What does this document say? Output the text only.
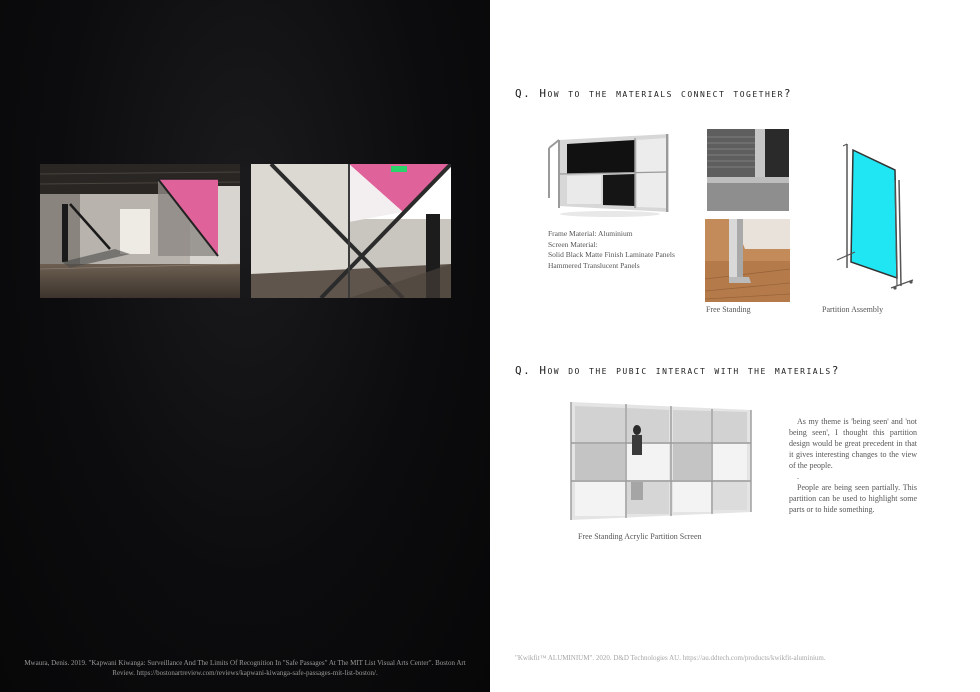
Mwaura, Denis. 2019. "Kapwani Kiwanga: Surveillance And The Limits Of Recognition In "Safe Passages" At The MIT List Visual Arts Center". Boston Art Review. https://bostonartreview.com/reviews/kapwani-kiwanga-safe-passages-mit-list-boston/.
Q. How to the materials connect together?
Frame Material: Aluminium
Screen Material:
Solid Black Matte Finish Laminate Panels
Hammered Translucent Panels
Free Standing	Partition Assembly
Q. How do the pubic interact with the materials?

As my theme is 'being seen' and 'not being seen', I thought this partition design would be great precedent in that it gives interesting changes to the view of the people.

.

People are being seen partially. This partition can be used to highlight some parts or to hide something.

Free Standing Acrylic Partition Screen
"Kwikfit™ ALUMINIUM". 2020. D&D Technologies AU. https://au.ddtech.com/products/kwikfit-aluminium.
